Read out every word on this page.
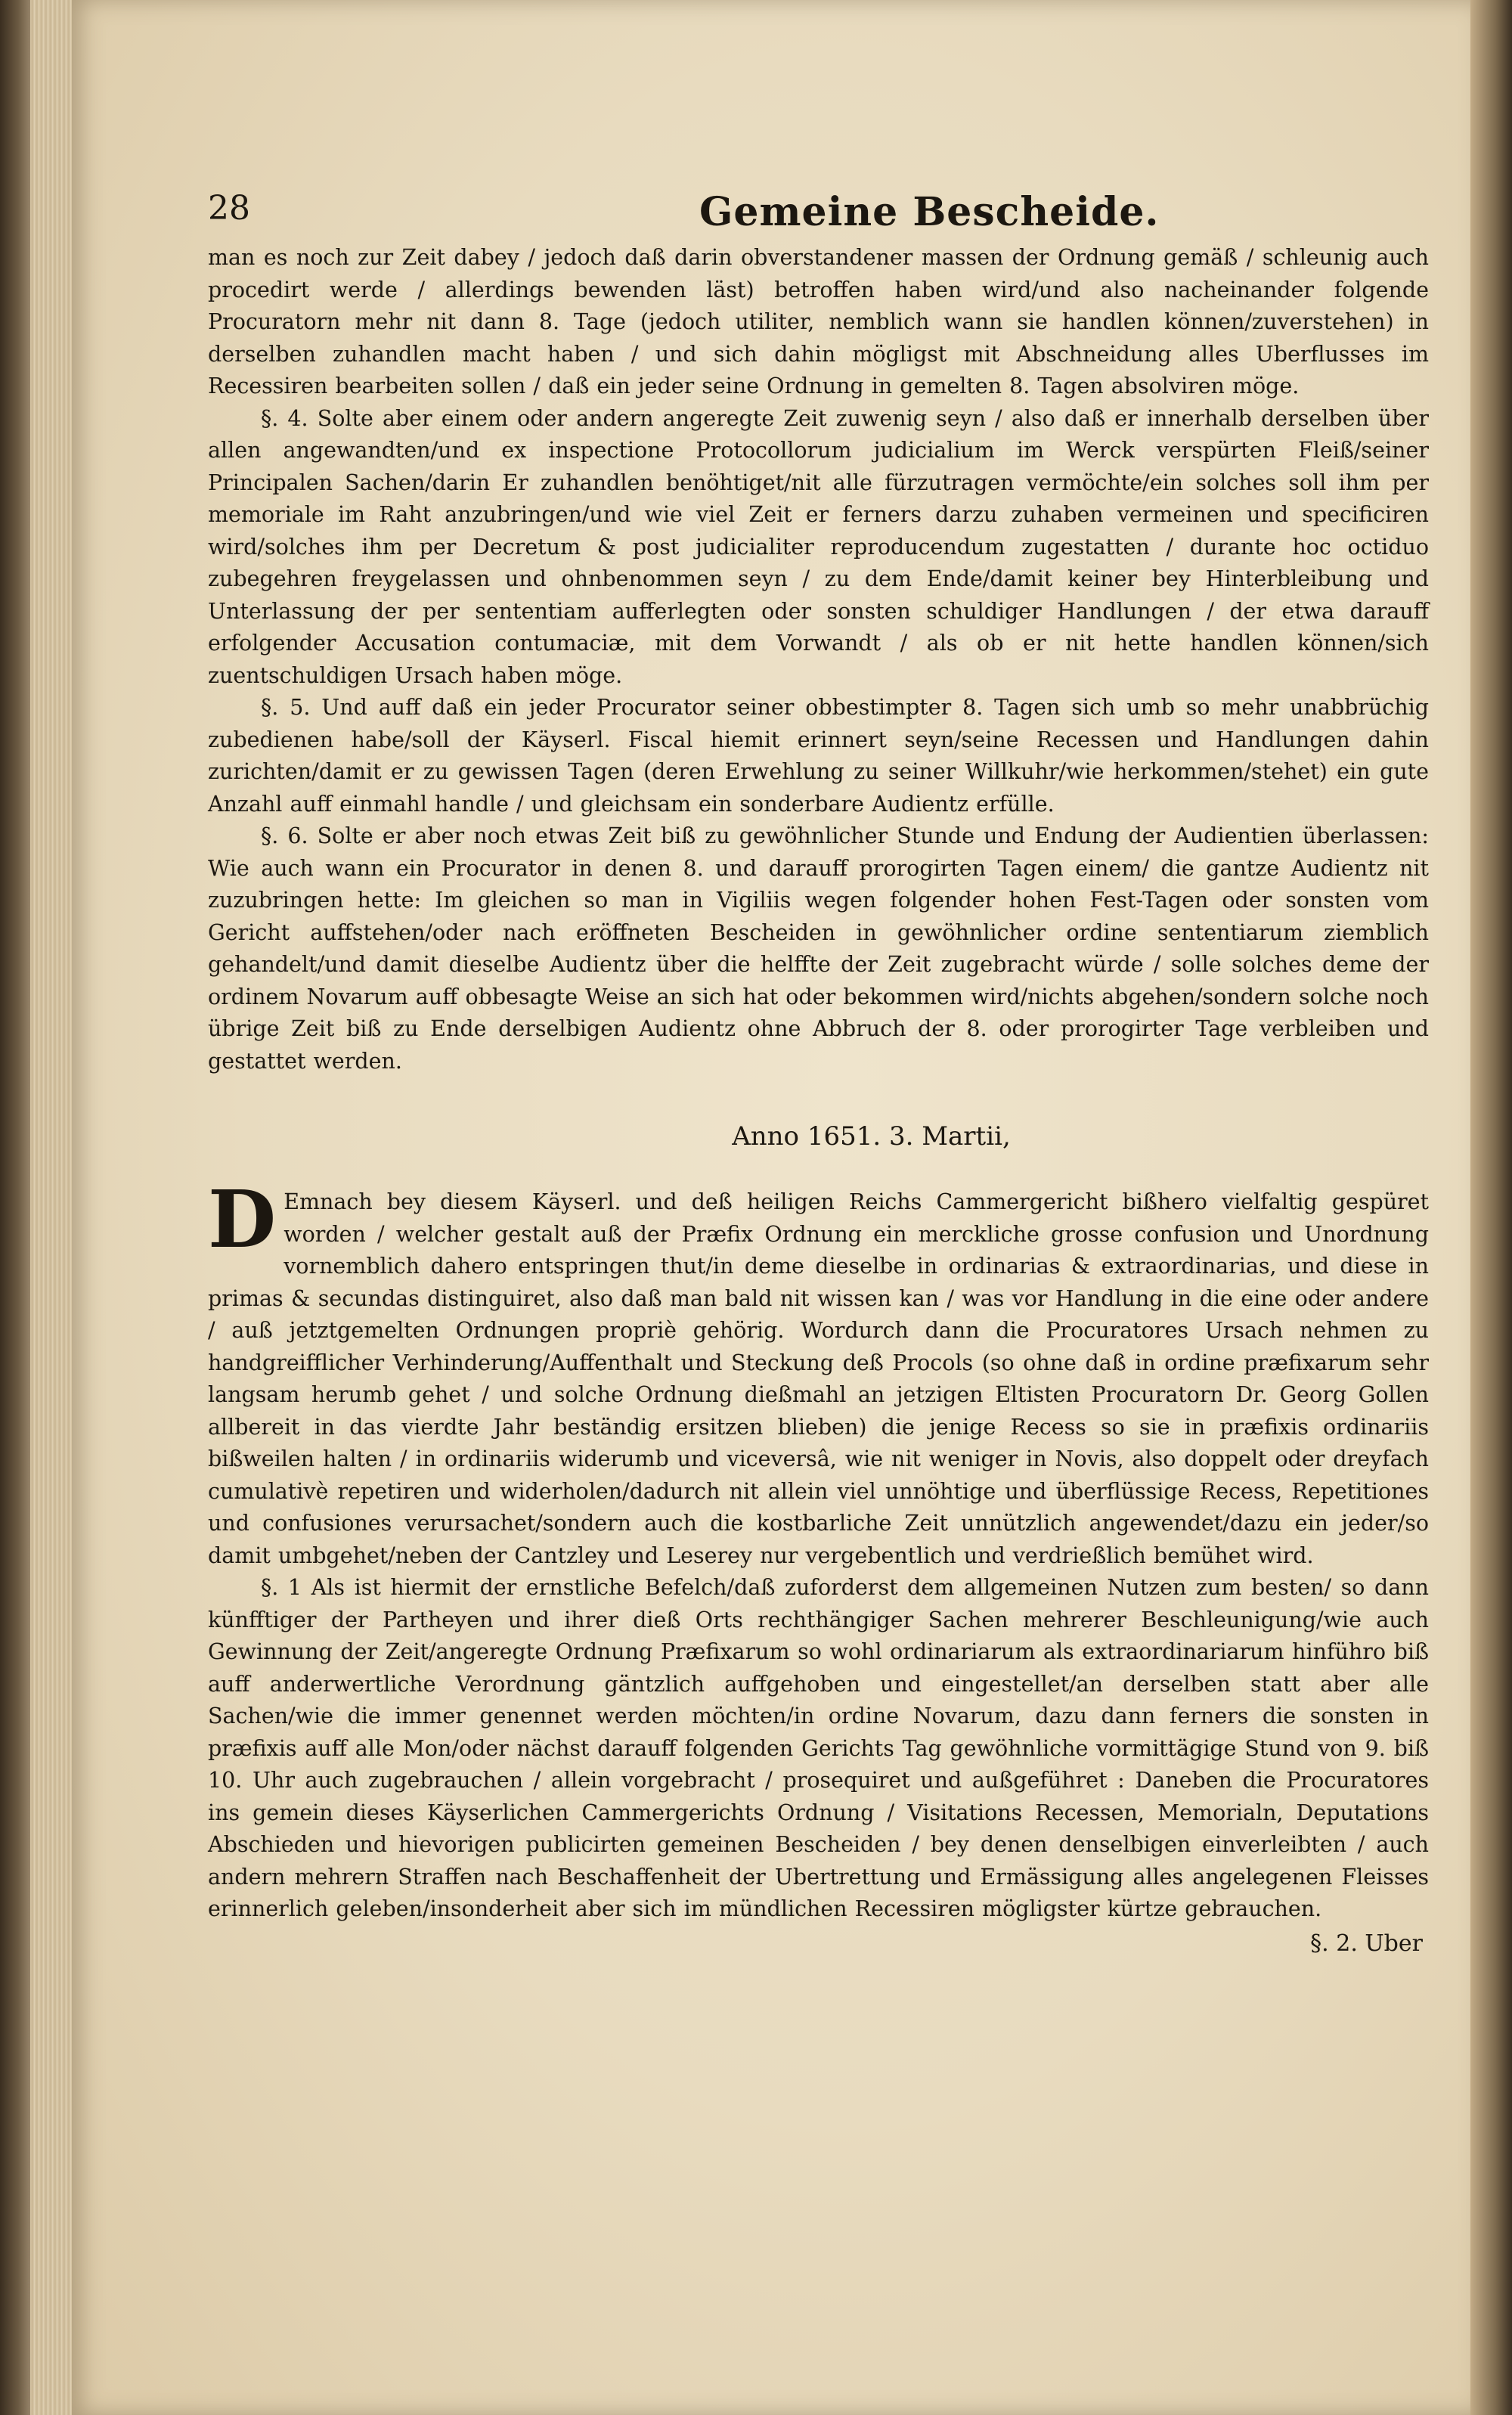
28	Gemeine Bescheide.

man es noch zur Zeit dabey / jedoch daß darin obverstandener massen der Ordnung gemäß / schleunig auch procedirt werde / allerdings bewenden läst) betroffen haben wird/und also nacheinander folgende Procuratorn mehr nit dann 8. Tage (jedoch utiliter, nemblich wann sie handlen können/zuverstehen) in derselben zuhandlen macht haben / und sich dahin mögligst mit Abschneidung alles Uberflusses im Recessiren bearbeiten sollen / daß ein jeder seine Ordnung in gemelten 8. Tagen absolviren möge.

§. 4. Solte aber einem oder andern angeregte Zeit zuwenig seyn / also daß er innerhalb derselben über allen angewandten/und ex inspectione Protocollorum judicialium im Werck verspürten Fleiß/seiner Principalen Sachen/darin Er zuhandlen benöhtiget/nit alle fürzutragen vermöchte/ein solches soll ihm per memoriale im Raht anzubringen/und wie viel Zeit er ferners darzu zuhaben vermeinen und specificiren wird/solches ihm per Decretum & post judicialiter reproducendum zugestatten / durante hoc octiduo zubegehren freygelassen und ohnbenommen seyn / zu dem Ende/damit keiner bey Hinterbleibung und Unterlassung der per sententiam aufferlegten oder sonsten schuldiger Handlungen / der etwa darauff erfolgender Accusation contumaciæ, mit dem Vorwandt / als ob er nit hette handlen können/sich zuentschuldigen Ursach haben möge.

§. 5. Und auff daß ein jeder Procurator seiner obbestimpter 8. Tagen sich umb so mehr unabbrüchig zubedienen habe/soll der Käyserl. Fiscal hiemit erinnert seyn/seine Recessen und Handlungen dahin zurichten/damit er zu gewissen Tagen (deren Erwehlung zu seiner Willkuhr/wie herkommen/stehet) ein gute Anzahl auff einmahl handle / und gleichsam ein sonderbare Audientz erfülle.

§. 6. Solte er aber noch etwas Zeit biß zu gewöhnlicher Stunde und Endung der Audientien überlassen: Wie auch wann ein Procurator in denen 8. und darauff prorogirten Tagen einem/ die gantze Audientz nit zuzubringen hette: Im gleichen so man in Vigiliis wegen folgender hohen Fest-Tagen oder sonsten vom Gericht auffstehen/oder nach eröffneten Bescheiden in gewöhnlicher ordine sententiarum ziemblich gehandelt/und damit dieselbe Audientz über die helffte der Zeit zugebracht würde / solle solches deme der ordinem Novarum auff obbesagte Weise an sich hat oder bekommen wird/nichts abgehen/sondern solche noch übrige Zeit biß zu Ende derselbigen Audientz ohne Abbruch der 8. oder prorogirter Tage verbleiben und gestattet werden.

Anno 1651. 3. Martii,

D Emnach bey diesem Käyserl. und deß heiligen Reichs Cammergericht bißhero vielfaltig gespüret worden / welcher gestalt auß der Præfix Ordnung ein merckliche grosse confusion und Unordnung vornemblich dahero entspringen thut/in deme dieselbe in ordinarias & extraordinarias, und diese in primas & secundas distinguiret, also daß man bald nit wissen kan / was vor Handlung in die eine oder andere / auß jetztgemelten Ordnungen propriè gehörig. Wordurch dann die Procuratores Ursach nehmen zu handgreifflicher Verhinderung/Auffenthalt und Steckung deß Procols (so ohne daß in ordine præfixarum sehr langsam herumb gehet / und solche Ordnung dießmahl an jetzigen Eltisten Procuratorn Dr. Georg Gollen allbereit in das vierdte Jahr beständig ersitzen blieben) die jenige Recess so sie in præfixis ordinariis bißweilen halten / in ordinariis widerumb und viceversâ, wie nit weniger in Novis, also doppelt oder dreyfach cumulativè repetiren und widerholen/dadurch nit allein viel unnöhtige und überflüssige Recess, Repetitiones und confusiones verursachet/sondern auch die kostbarliche Zeit unnützlich angewendet/dazu ein jeder/so damit umbgehet/neben der Cantzley und Leserey nur vergebentlich und verdrießlich bemühet wird.

§. 1 Als ist hiermit der ernstliche Befelch/daß zuforderst dem allgemeinen Nutzen zum besten/ so dann künfftiger der Partheyen und ihrer dieß Orts rechthängiger Sachen mehrerer Beschleunigung/wie auch Gewinnung der Zeit/angeregte Ordnung Præfixarum so wohl ordinariarum als extraordinariarum hinführo biß auff anderwertliche Verordnung gäntzlich auffgehoben und eingestellet/an derselben statt aber alle Sachen/wie die immer genennet werden möchten/in ordine Novarum, dazu dann ferners die sonsten in præfixis auff alle Mon/oder nächst darauff folgenden Gerichts Tag gewöhnliche vormittägige Stund von 9. biß 10. Uhr auch zugebrauchen / allein vorgebracht / prosequiret und außgeführet : Daneben die Procuratores ins gemein dieses Käyserlichen Cammergerichts Ordnung / Visitations Recessen, Memorialn, Deputations Abschieden und hievorigen publicirten gemeinen Bescheiden / bey denen denselbigen einverleibten / auch andern mehrern Straffen nach Beschaffenheit der Ubertrettung und Ermässigung alles angelegenen Fleisses erinnerlich geleben/insonderheit aber sich im mündlichen Recessiren mögligster kürtze gebrauchen.

§. 2. Uber
